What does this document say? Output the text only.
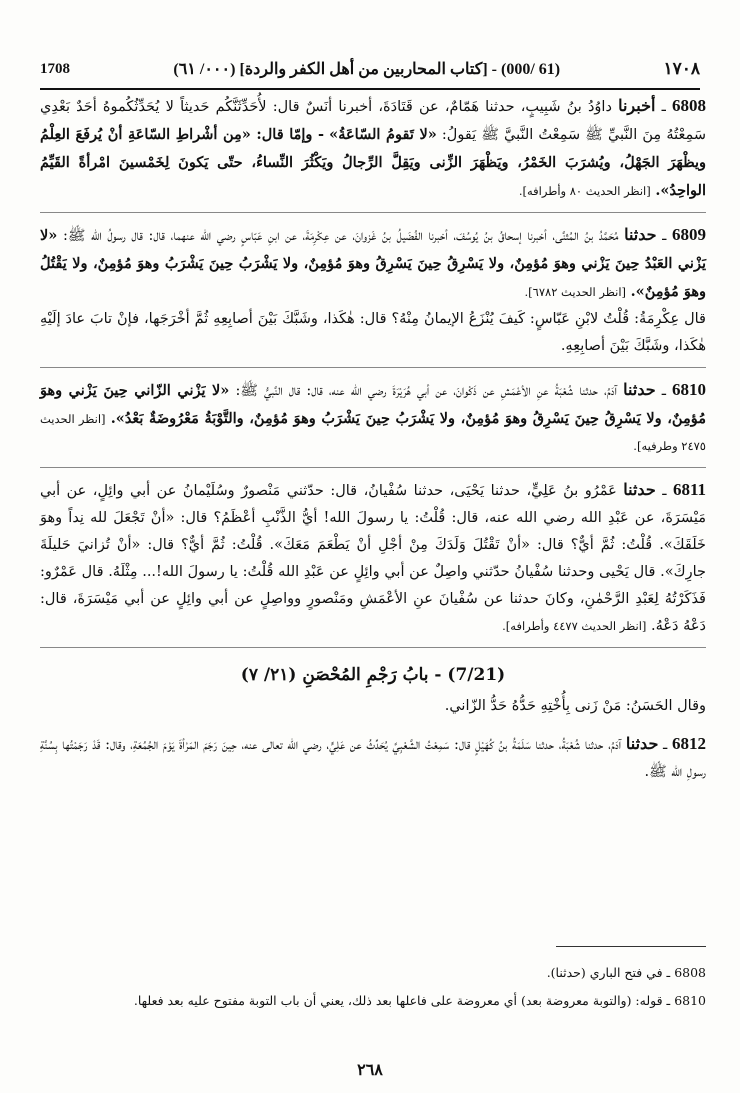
1708	(61 /000) - [كتاب المحاربين من أهل الكفر والردة] (٠٠٠/ ٦١)	١٧٠٨

6808 ـ أخبرنا داوُدُ بنُ شَبِيبٍ، حدثنا هَمّامٌ، عن قَتَادَةَ، أخبرنا أنَسٌ قال: لأُحَدِّثَنَّكُم حَديثاً لا يُحَدِّثُكُموهُ أحَدٌ بَعْدِي سَمِعْتُهُ مِنَ النَّبيِّ ﷺ سَمِعْتُ النَّبيَّ ﷺ يَقولُ: «لا تَقومُ السّاعَةُ» - وإمّا قال: «مِن أشْراطِ السّاعَةِ أنْ يُرفَعَ العِلْمُ ويظْهَرَ الجَهْلُ، ويُشرَبَ الخَمْرُ، ويَظْهَرَ الزِّنى ويَقِلَّ الرِّجالُ ويَكْثُرَ النِّساءُ، حتّى يَكونَ لِخَمْسينَ امْرأةً القَيِّمُ الواحِدُ». [انظر الحديث ٨٠ وأطرافه].

6809 ـ حدثنا مُحَمَّدُ بنُ المُثنَّى، أخبرنا إسحاقُ بنُ يُوسُفَ، أخبرنا الفُضَيلُ بنُ غَزوانَ، عن عِكْرِمَةَ، عن ابنِ عَبّاسٍ رضي الله عنهما، قال: قال رسولُ الله ﷺ: «لا يَزْني العَبْدُ حِينَ يَزْني وهوَ مُؤمِنٌ، ولا يَسْرِقُ حِينَ يَسْرِقُ وهوَ مُؤمِنٌ، ولا يَشْرَبُ حِينَ يَشْرَبُ وهوَ مُؤمِنٌ، ولا يَقْتُلُ وهوَ مُؤمِنٌ». [انظر الحديث ٦٧٨٢].

قال عِكْرِمَةُ: قُلْتُ لابْنِ عَبّاسٍ: كَيفَ يُنْزَعُ الإيمانُ مِنْهُ؟ قال: هٰكَذا، وشَبَّكَ بَيْنَ أصابِعِهِ ثُمَّ أخْرَجَها، فإنْ تابَ عادَ إلَيْهِ هٰكَذا، وشَبَّكَ بَيْنَ أصابِعِهِ.

6810 ـ حدثنا آدَمُ، حدثنا شُعْبَةُ عنِ الأعْمَشِ عن ذَكْوانَ، عن أبي هُرَيْرَةَ رضي الله عنه، قال: قال النَّبيُّ ﷺ: «لا يَزْني الزّاني حِينَ يَزْني وهوَ مُؤمِنٌ، ولا يَسْرِقُ حِينَ يَسْرِقُ وهوَ مُؤمِنٌ، ولا يَشْرَبُ حِينَ يَشْرَبُ وهوَ مُؤمِنٌ، والتَّوْبَةُ مَعْرُوضَةٌ بَعْدُ». [انظر الحديث ٢٤٧٥ وطرفيه].

6811 ـ حدثنا عَمْرُو بنُ عَلِيٍّ، حدثنا يَحْيَى، حدثنا سُفْيانُ، قال: حدّثني مَنْصورٌ وسُلَيْمانُ عن أبي وائِلٍ، عن أبي مَيْسَرَةَ، عن عَبْدِ الله رضي الله عنه، قال: قُلْتُ: يا رسولَ الله! أيُّ الذَّنْبِ أعْظَمُ؟ قال: «أنْ تَجْعَلَ لله نِداً وهوَ خَلَقَكَ». قُلْتُ: ثُمَّ أيٌّ؟ قال: «أنْ تَقْتُلَ وَلَدَكَ مِنْ أجْلِ أنْ يَطْعَمَ مَعَكَ». قُلْتُ: ثُمَّ أيٌّ؟ قال: «أنْ تُزانيَ حَليلَةَ جارِكَ». قال يَحْيى وحدثنا سُفْيانُ حدّثني واصِلٌ عن أبي وائِلٍ عن عَبْدِ الله قُلْتُ: يا رسولَ الله!... مِثْلَهُ. قال عَمْرٌو: فَذَكَرْتُهُ لِعَبْدِ الرَّحْمٰنِ، وكانَ حدثنا عن سُفْيانَ عنِ الأعْمَشِ ومَنْصورٍ وواصِلٍ عن أبي وائِلٍ عن أبي مَيْسَرَةَ، قال: دَعْهُ دَعْهُ. [انظر الحديث ٤٤٧٧ وأطرافه].

(7/21) - بابُ رَجْمِ المُحْصَنِ (٢١/ ٧)

وقال الحَسَنُ: مَنْ زَنى بِأُخْتِهِ حَدُّهُ حَدُّ الزّاني.

6812 ـ حدثنا آدَمُ، حدثنا شُعْبَةُ، حدثنا سَلَمَةُ بنُ كُهَيْلٍ قال: سَمِعْتُ الشَّعْبِيَّ يُحَدِّثُ عن عَلِيٍّ، رضي الله تعالى عنه، حِينَ رَجَمَ المَرْأةَ يَوْمَ الجُمُعَةِ، وقال: قَدْ رَجَمْتُها بِسُنَّةِ رسولِ الله ﷺ.

6808 ـ في فتح الباري (حدثنا).

6810 ـ قوله: (والتوبة معروضة بعد) أي معروضة على فاعلها بعد ذلك، يعني أن باب التوبة مفتوح عليه بعد فعلها.

٢٦٨
